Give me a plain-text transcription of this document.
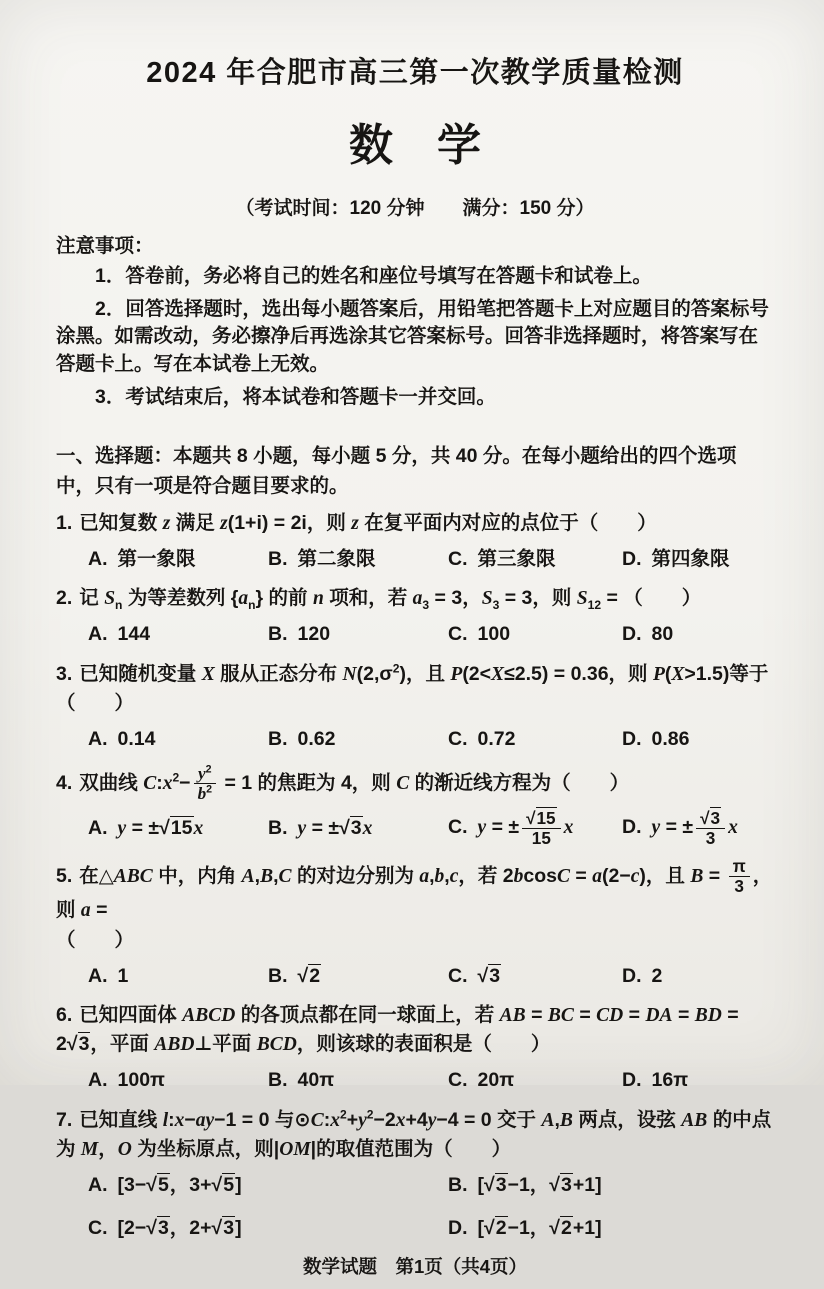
2024 年合肥市高三第一次教学质量检测
数　学
（考试时间：120 分钟　　满分：150 分）
注意事项：

1．答卷前，务必将自己的姓名和座位号填写在答题卡和试卷上。

2．回答选择题时，选出每小题答案后，用铅笔把答题卡上对应题目的答案标号涂黑。如需改动，务必擦净后再选涂其它答案标号。回答非选择题时，将答案写在答题卡上。写在本试卷上无效。

3．考试结束后，将本试卷和答题卡一并交回。

一、选择题：本题共 8 小题，每小题 5 分，共 40 分。在每小题给出的四个选项中，只有一项是符合题目要求的。

1. 已知复数 z 满足 z(1+i) = 2i，则 z 在复平面内对应的点位于（　　）

A. 第一象限	B. 第二象限	C. 第三象限	D. 第四象限

2. 记 $S_n$ 为等差数列 $\{a_n\}$ 的前 n 项和，若 $a_3 = 3$，$S_3 = 3$，则 $S_{12}$ = （　　）

A. 144	B. 120	C. 100	D. 80

3. 已知随机变量 X 服从正态分布 $N(2,\sigma^2)$，且 P(2<X≤2.5) = 0.36，则 P(X>1.5)等于（　　）

A. 0.14	B. 0.62	C. 0.72	D. 0.86

4. 双曲线 $C:x^2- \frac{y^2}{b^2} = 1$ 的焦距为 4，则 C 的渐近线方程为（　　）

A. y = ±√15x	B. y = ±√3x	C. y = ± $\frac{√15}{15}$ x	D. y = ± $\frac{√3}{3}$ x

5. 在△ABC 中，内角 A,B,C 的对边分别为 a,b,c，若 2bcosC = a(2−c)，且 $B = \frac{\pi}{3}$ ，则 a =
（　　）

A. 1	B. √2	C. √3	D. 2

6. 已知四面体 ABCD 的各顶点都在同一球面上，若 AB = BC = CD = DA = BD = 2√3，平面 ABD⊥平面 BCD，则该球的表面积是（　　）

A. 100π	B. 40π	C. 20π	D. 16π

7. 已知直线 l:x−ay−1 = 0 与$⊙C:x^2+y^2-2x+4y-4 = 0$ 交于 A,B 两点，设弦 AB 的中点为 M，O 为坐标原点，则|OM|的取值范围为（　　）

A. [3−√5，3+√5]	B. [√3−1，√3+1]
C. [2−√3，2+√3]	D. [√2−1，√2+1]
数学试题　第1页（共4页）
